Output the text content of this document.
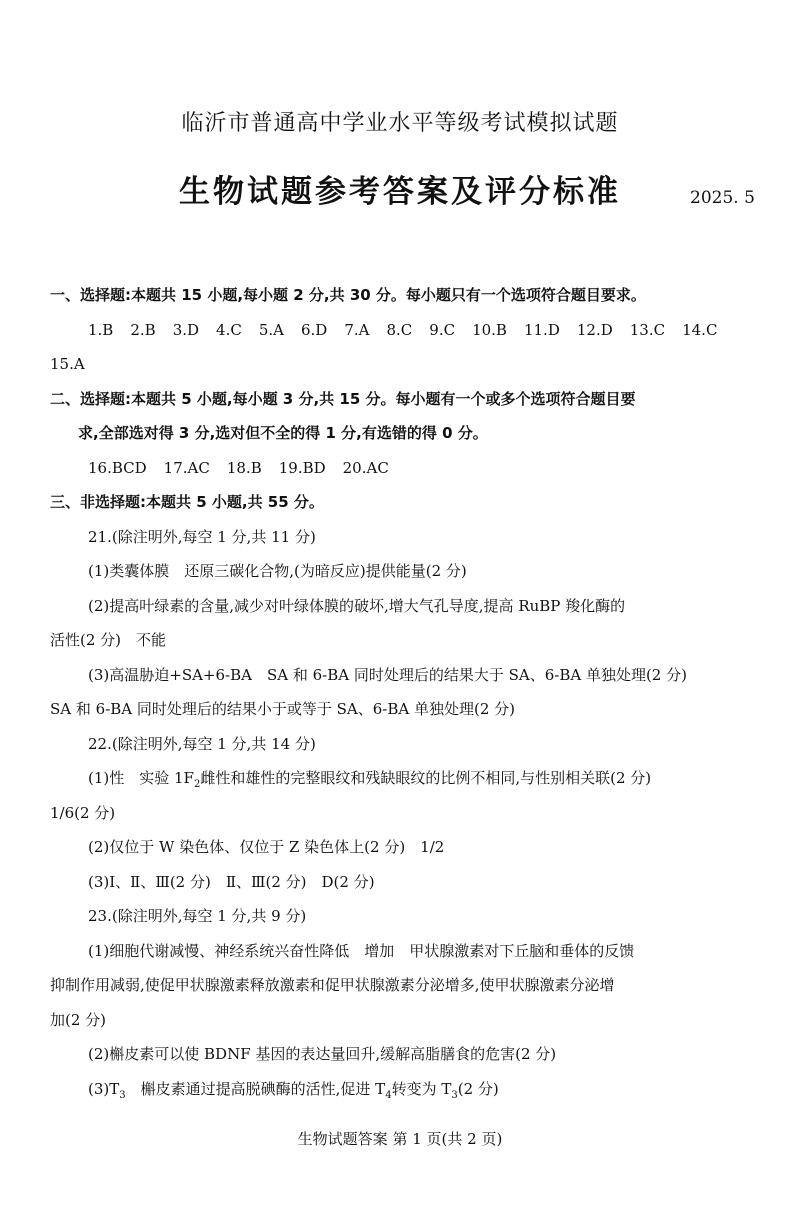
临沂市普通高中学业水平等级考试模拟试题
生物试题参考答案及评分标准	2025. 5
一、选择题:本题共 15 小题,每小题 2 分,共 30 分。每小题只有一个选项符合题目要求。
1.B 2.B 3.D 4.C 5.A 6.D 7.A 8.C 9.C 10.B 11.D 12.D 13.C 14.C
15.A
二、选择题:本题共 5 小题,每小题 3 分,共 15 分。每小题有一个或多个选项符合题目要
求,全部选对得 3 分,选对但不全的得 1 分,有选错的得 0 分。
16.BCD 17.AC 18.B 19.BD 20.AC
三、非选择题:本题共 5 小题,共 55 分。
21.(除注明外,每空 1 分,共 11 分)
(1)类囊体膜　还原三碳化合物,(为暗反应)提供能量(2 分)
(2)提高叶绿素的含量,减少对叶绿体膜的破坏,增大气孔导度,提高 RuBP 羧化酶的
活性(2 分)　不能
(3)高温胁迫+SA+6-BA　SA 和 6-BA 同时处理后的结果大于 SA、6-BA 单独处理(2 分)
SA 和 6-BA 同时处理后的结果小于或等于 SA、6-BA 单独处理(2 分)
22.(除注明外,每空 1 分,共 14 分)
(1)性　实验 $1F_2$雌性和雄性的完整眼纹和残缺眼纹的比例不相同,与性别相关联(2 分)
1/6(2 分)
(2)仅位于 W 染色体、仅位于 Z 染色体上(2 分)　1/2
(3)Ⅰ、Ⅱ、Ⅲ(2 分)　Ⅱ、Ⅲ(2 分)　D(2 分)
23.(除注明外,每空 1 分,共 9 分)
(1)细胞代谢减慢、神经系统兴奋性降低　增加　甲状腺激素对下丘脑和垂体的反馈
抑制作用减弱,使促甲状腺激素释放激素和促甲状腺激素分泌增多,使甲状腺激素分泌增
加(2 分)
(2)槲皮素可以使 BDNF 基因的表达量回升,缓解高脂膳食的危害(2 分)
$(3)T_3$　槲皮素通过提高脱碘酶的活性,促进 $T_4$转变为 $T_3(2$ 分)
生物试题答案 第 1 页(共 2 页)
